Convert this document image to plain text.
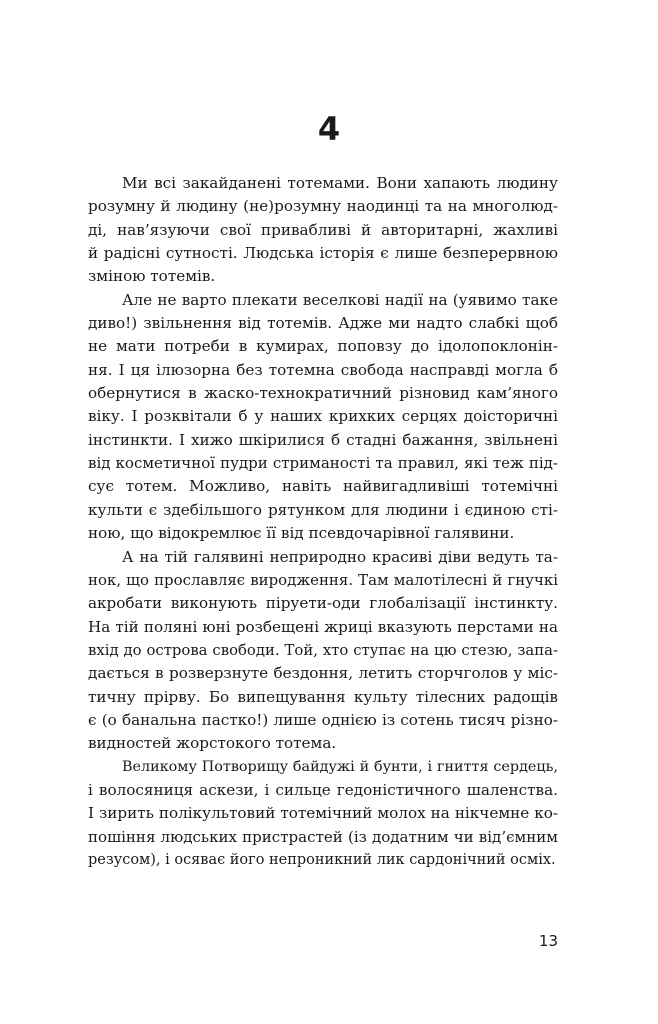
4
Ми всі закайданені тотемами. Вони хапають людину
розумну й людину (не)розумну наодинці та на многолюд-
ді, нав’язуючи свої привабливі й авторитарні, жахливі
й радісні сутності. Людська історія є лише безперервною
зміною тотемів.
Але не варто плекати веселкові надії на (уявимо таке
диво!) звільнення від тотемів. Адже ми надто слабкі щоб
не мати потреби в кумирах, поповзу до ідолопоклонін-
ня. І ця ілюзорна без тотемна свобода насправді могла б
обернутися в жаско-технократичний різновид кам’яного
віку. І розквітали б у наших крихких серцях доісторичні
інстинкти. І хижо шкірилися б стадні бажання, звільнені
від косметичної пудри стриманості та правил, які теж під-
сує тотем. Можливо, навіть найвигадливіші тотемічні
культи є здебільшого рятунком для людини і єдиною сті-
ною, що відокремлює її від псевдочарівної галявини.
А на тій галявині неприродно красиві діви ведуть та-
нок, що прославляє виродження. Там малотілесні й гнучкі
акробати виконують піруети-оди глобалізації інстинкту.
На тій поляні юні розбещені жриці вказують перстами на
вхід до острова свободи. Той, хто ступає на цю стезю, запа-
дається в розверзнуте бездоння, летить сторчголов у міс-
тичну прірву. Бо випещування культу тілесних радощів
є (о банальна пастко!) лише однією із сотень тисяч різно-
видностей жорстокого тотема.
Великому Потворищу байдужі й бунти, і гниття сердець,
і волосяниця аскези, і сильце гедоністичного шаленства.
І зирить полікультовий тотемічний молох на нікчемне ко-
пошіння людських пристрастей (із додатним чи від’ємним
резусом), і осяває його непроникний лик сардонічний осміх.
13
